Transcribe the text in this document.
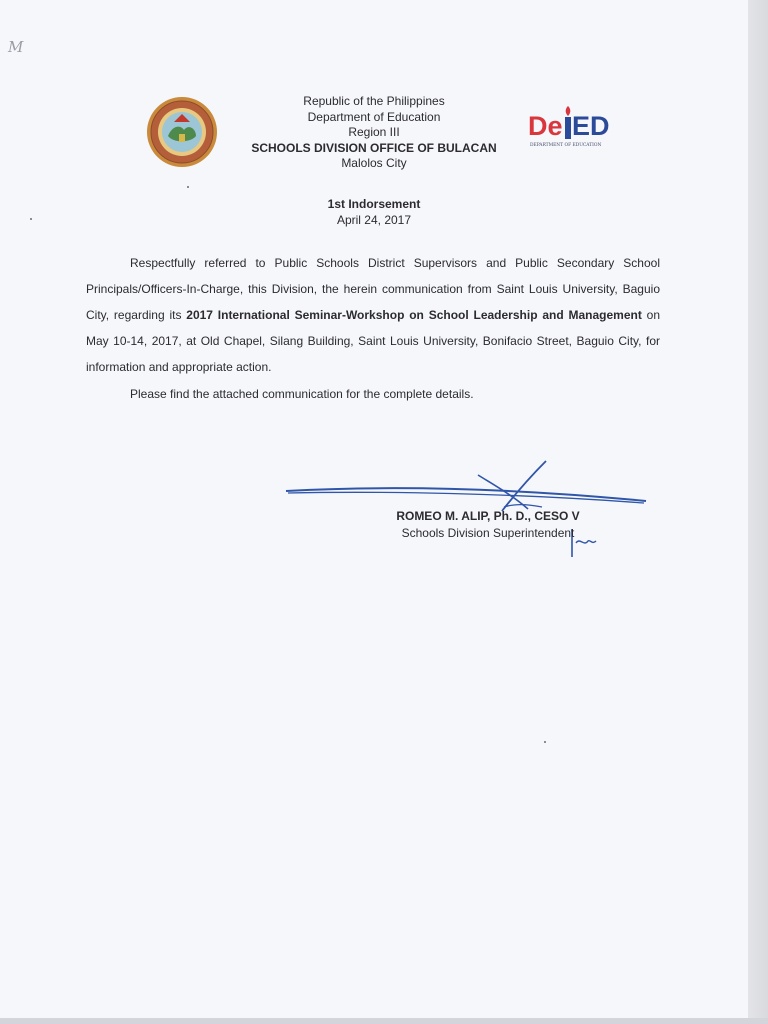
M
De ED
DEPARTMENT OF EDUCATION
Republic of the Philippines
Department of Education
Region III
SCHOOLS DIVISION OFFICE OF BULACAN
Malolos City
1st Indorsement
April 24, 2017

Respectfully referred to Public Schools District Supervisors and Public Secondary School Principals/Officers-In-Charge, this Division, the herein communication from Saint Louis University, Baguio City, regarding its 2017 International Seminar-Workshop on School Leadership and Management on May 10-14, 2017, at Old Chapel, Silang Building, Saint Louis University, Bonifacio Street, Baguio City, for information and appropriate action.

Please find the attached communication for the complete details.

ROMEO M. ALIP, Ph. D., CESO V
Schools Division Superintendent
